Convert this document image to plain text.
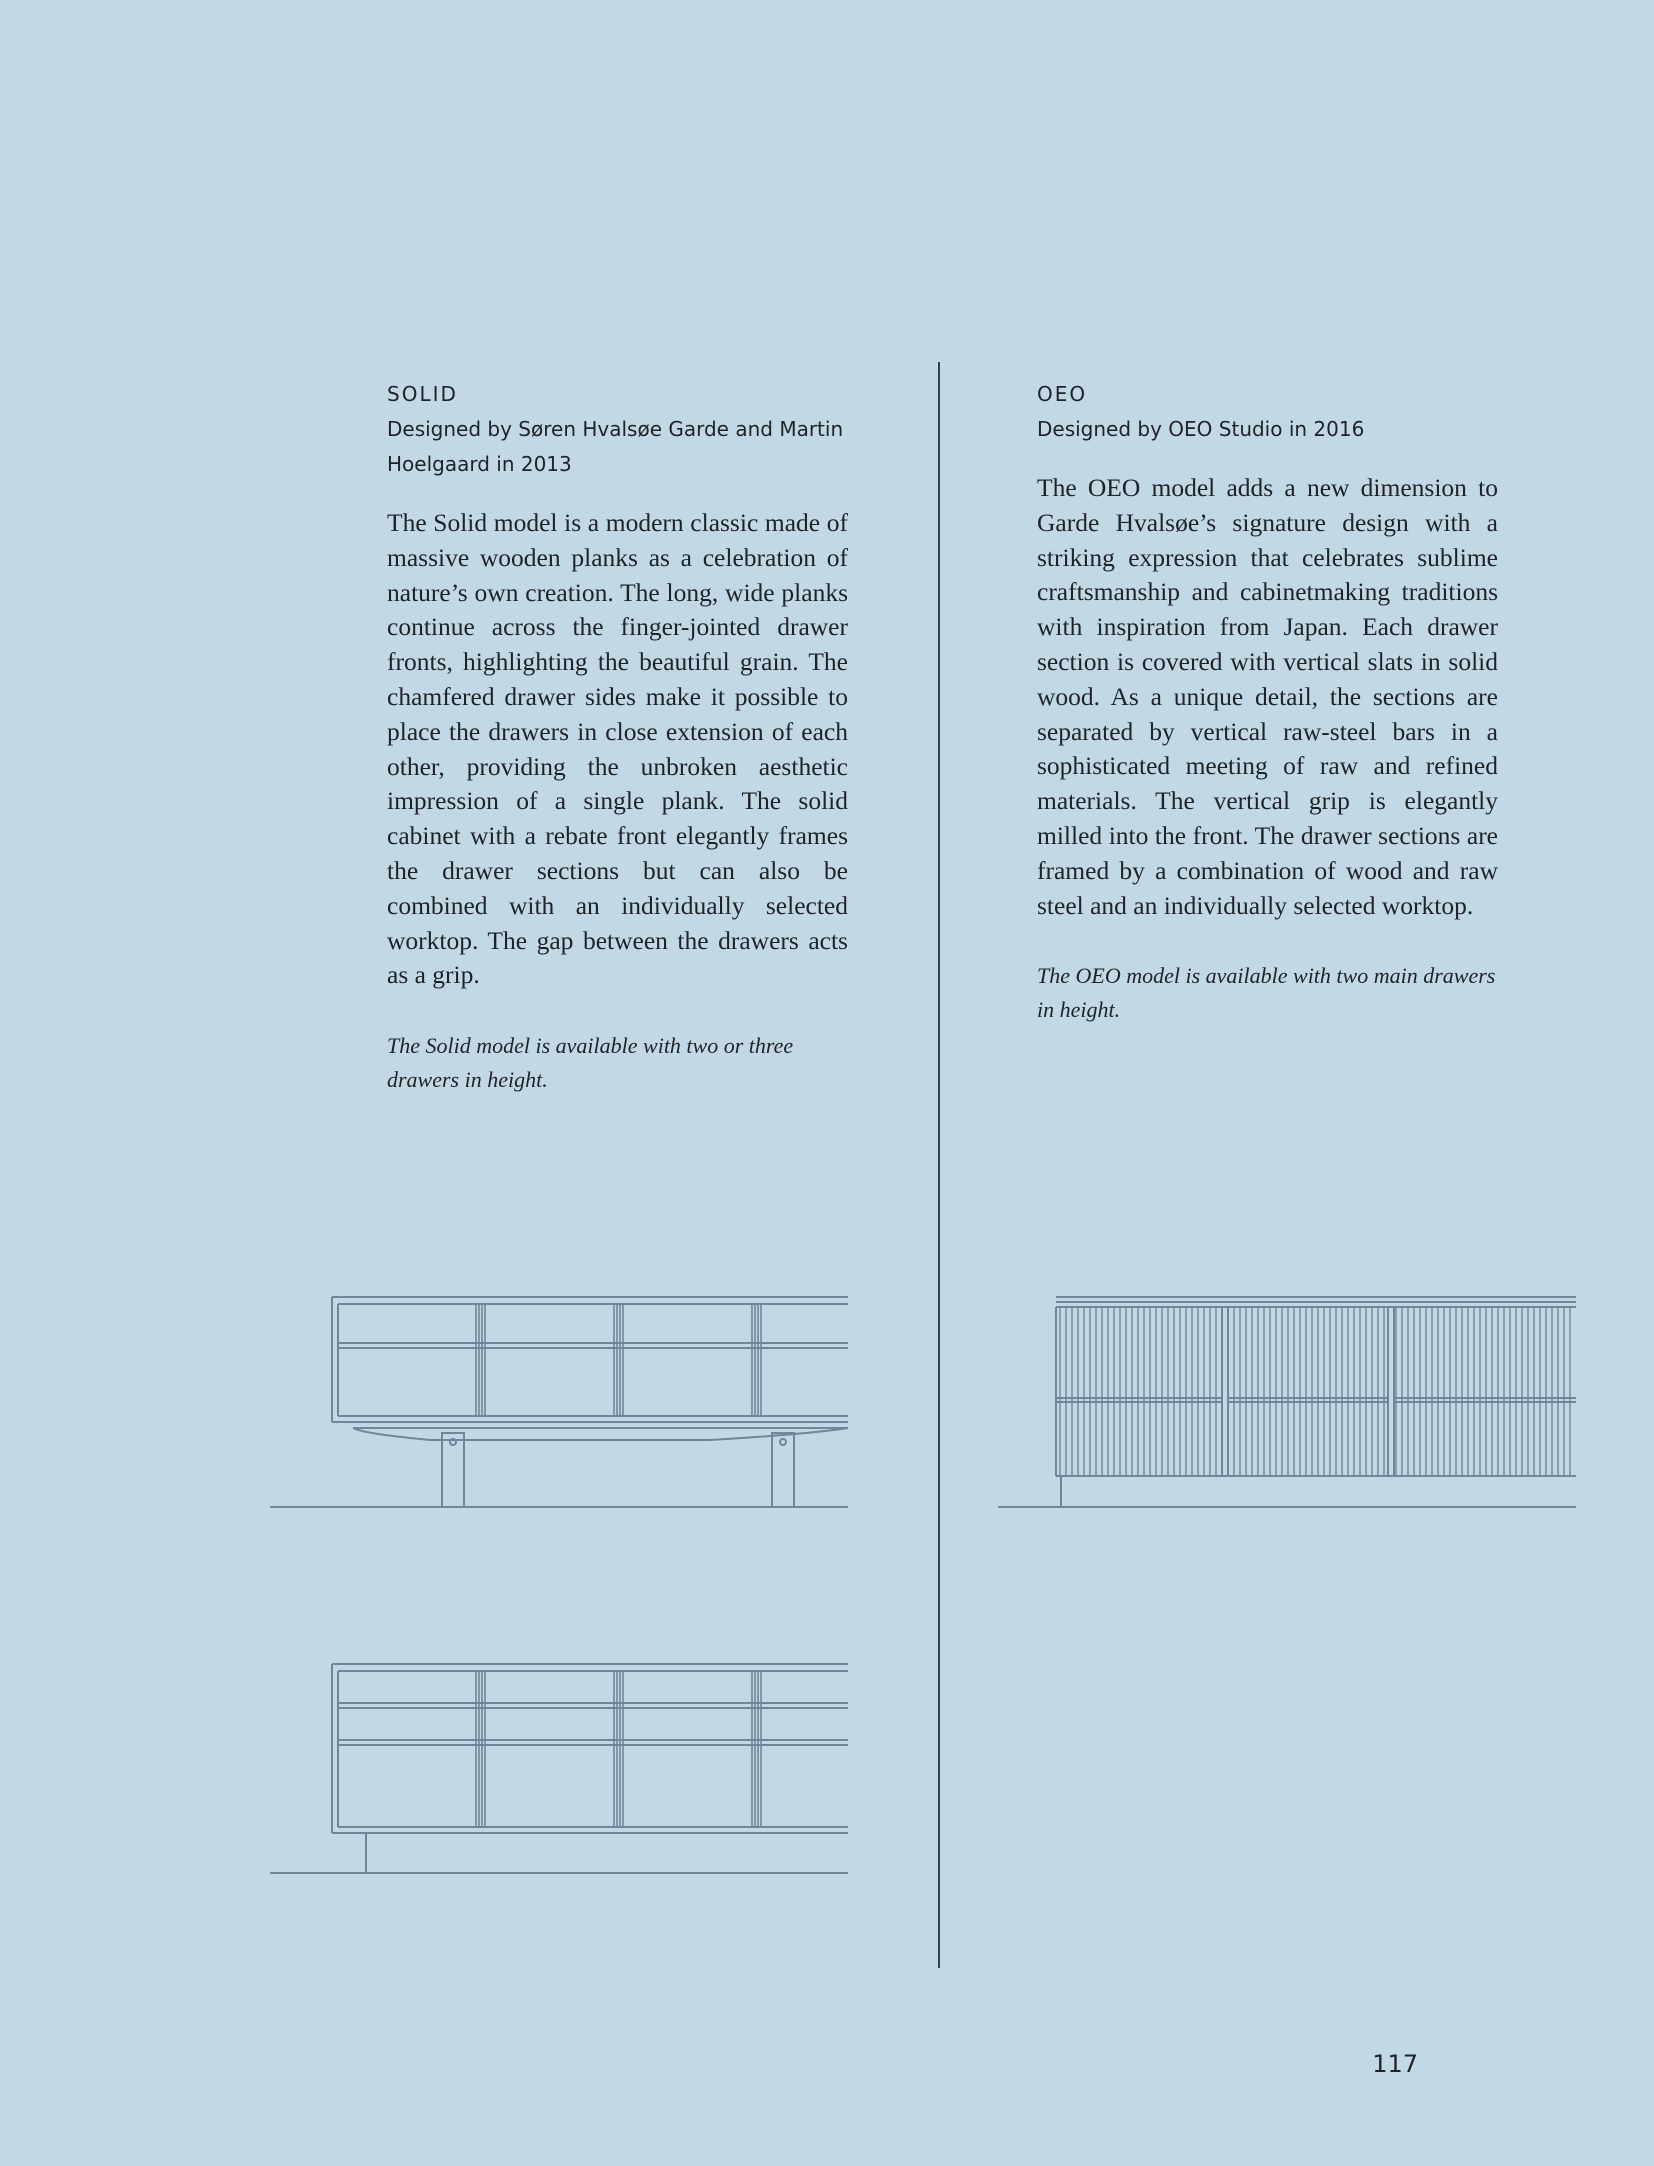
SOLID

Designed by Søren Hvalsøe Garde and Martin Hoelgaard in 2013

The Solid model is a modern classic made of massive wooden planks as a celebration of nature’s own creation. The long, wide planks continue across the finger-jointed drawer fronts, highlighting the beautiful grain. The chamfered drawer sides make it possible to place the drawers in close extension of each other, providing the unbroken aesthetic impression of a single plank. The solid cabinet with a rebate front elegantly frames the drawer sections but can also be combined with an individually selected worktop. The gap between the drawers acts as a grip.

The Solid model is available with two or three drawers in height.

OEO

Designed by OEO Studio in 2016

The OEO model adds a new dimension to Garde Hvalsøe’s signature design with a striking expression that celebrates sublime craftsmanship and cabinetmaking traditions with inspiration from Japan. Each drawer section is covered with vertical slats in solid wood. As a unique detail, the sections are separated by vertical raw-steel bars in a sophisticated meeting of raw and refined materials. The vertical grip is elegantly milled into the front. The drawer sections are framed by a combination of wood and raw steel and an individually selected worktop.

The OEO model is available with two main drawers in height.

117
